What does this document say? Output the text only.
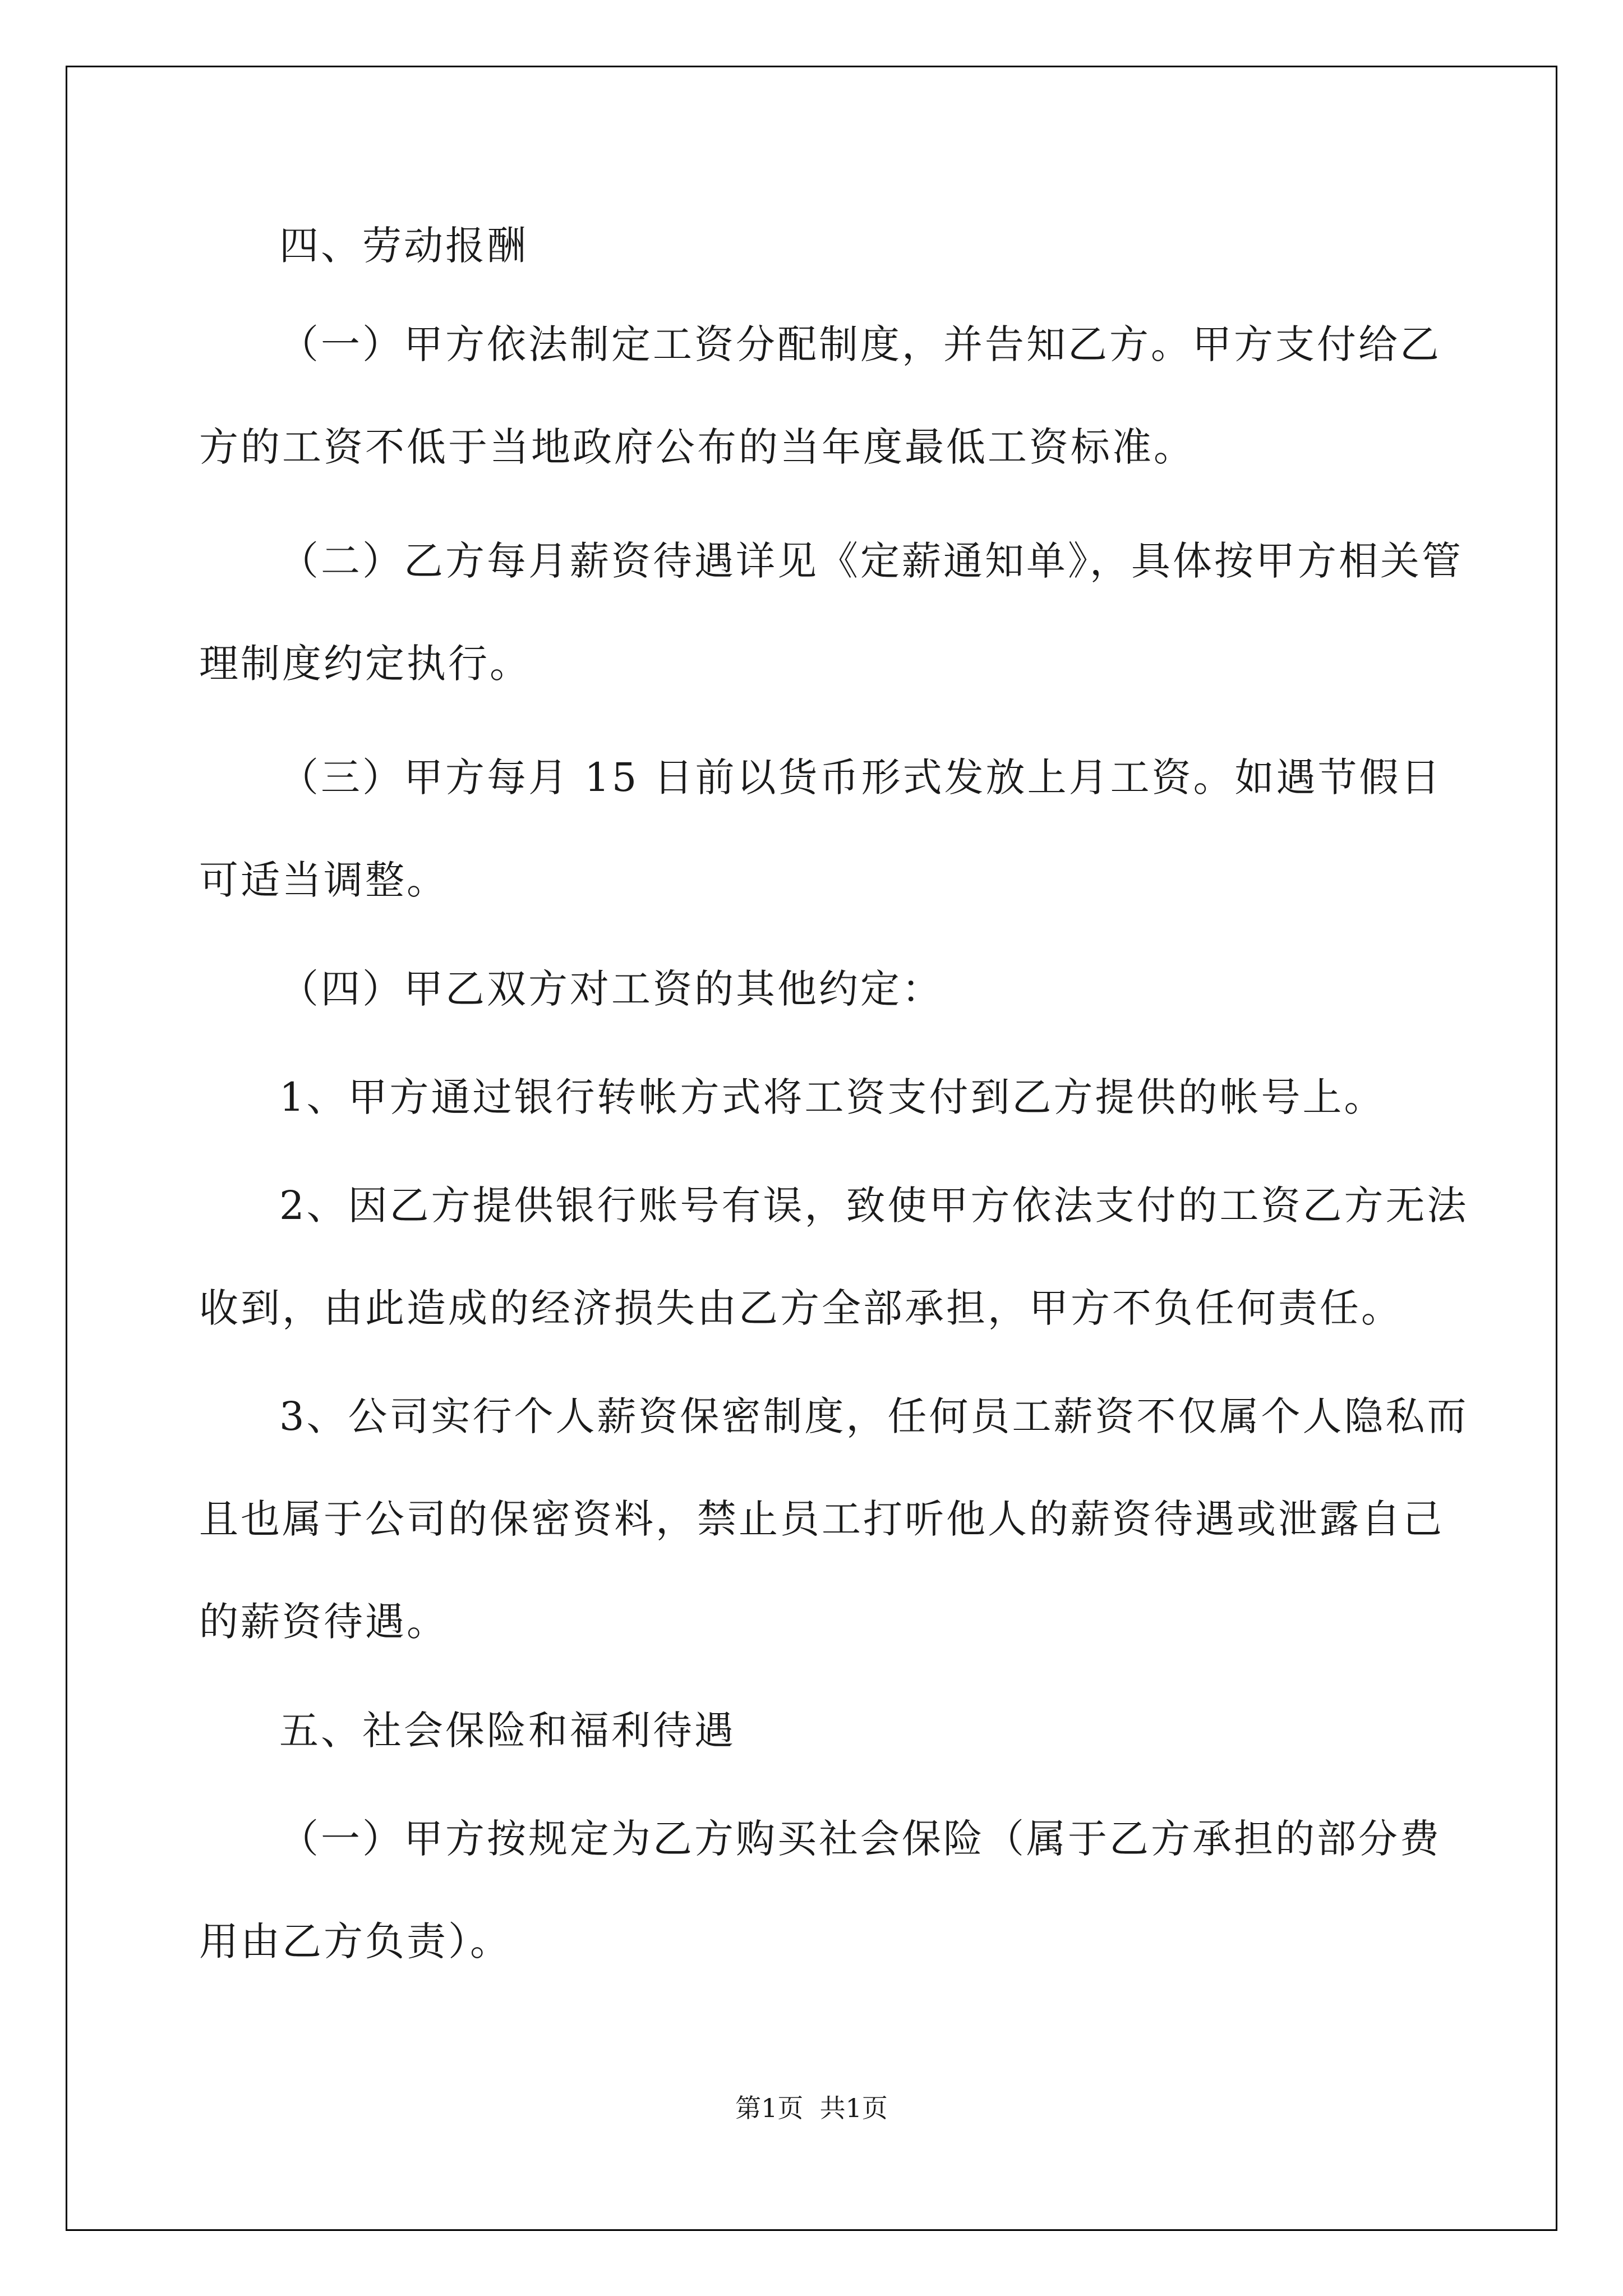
四、劳动报酬
（一）甲方依法制定工资分配制度，并告知乙方。甲方支付给乙
方的工资不低于当地政府公布的当年度最低工资标准。
（二）乙方每月薪资待遇详见《定薪通知单》，具体按甲方相关管
理制度约定执行。
（三）甲方每月 15 日前以货币形式发放上月工资。如遇节假日
可适当调整。
（四）甲乙双方对工资的其他约定：
1、甲方通过银行转帐方式将工资支付到乙方提供的帐号上。
2、因乙方提供银行账号有误，致使甲方依法支付的工资乙方无法
收到，由此造成的经济损失由乙方全部承担，甲方不负任何责任。
3、公司实行个人薪资保密制度，任何员工薪资不仅属个人隐私而
且也属于公司的保密资料，禁止员工打听他人的薪资待遇或泄露自己
的薪资待遇。
五、社会保险和福利待遇
（一）甲方按规定为乙方购买社会保险（属于乙方承担的部分费
用由乙方负责）。
第1页  共1页
